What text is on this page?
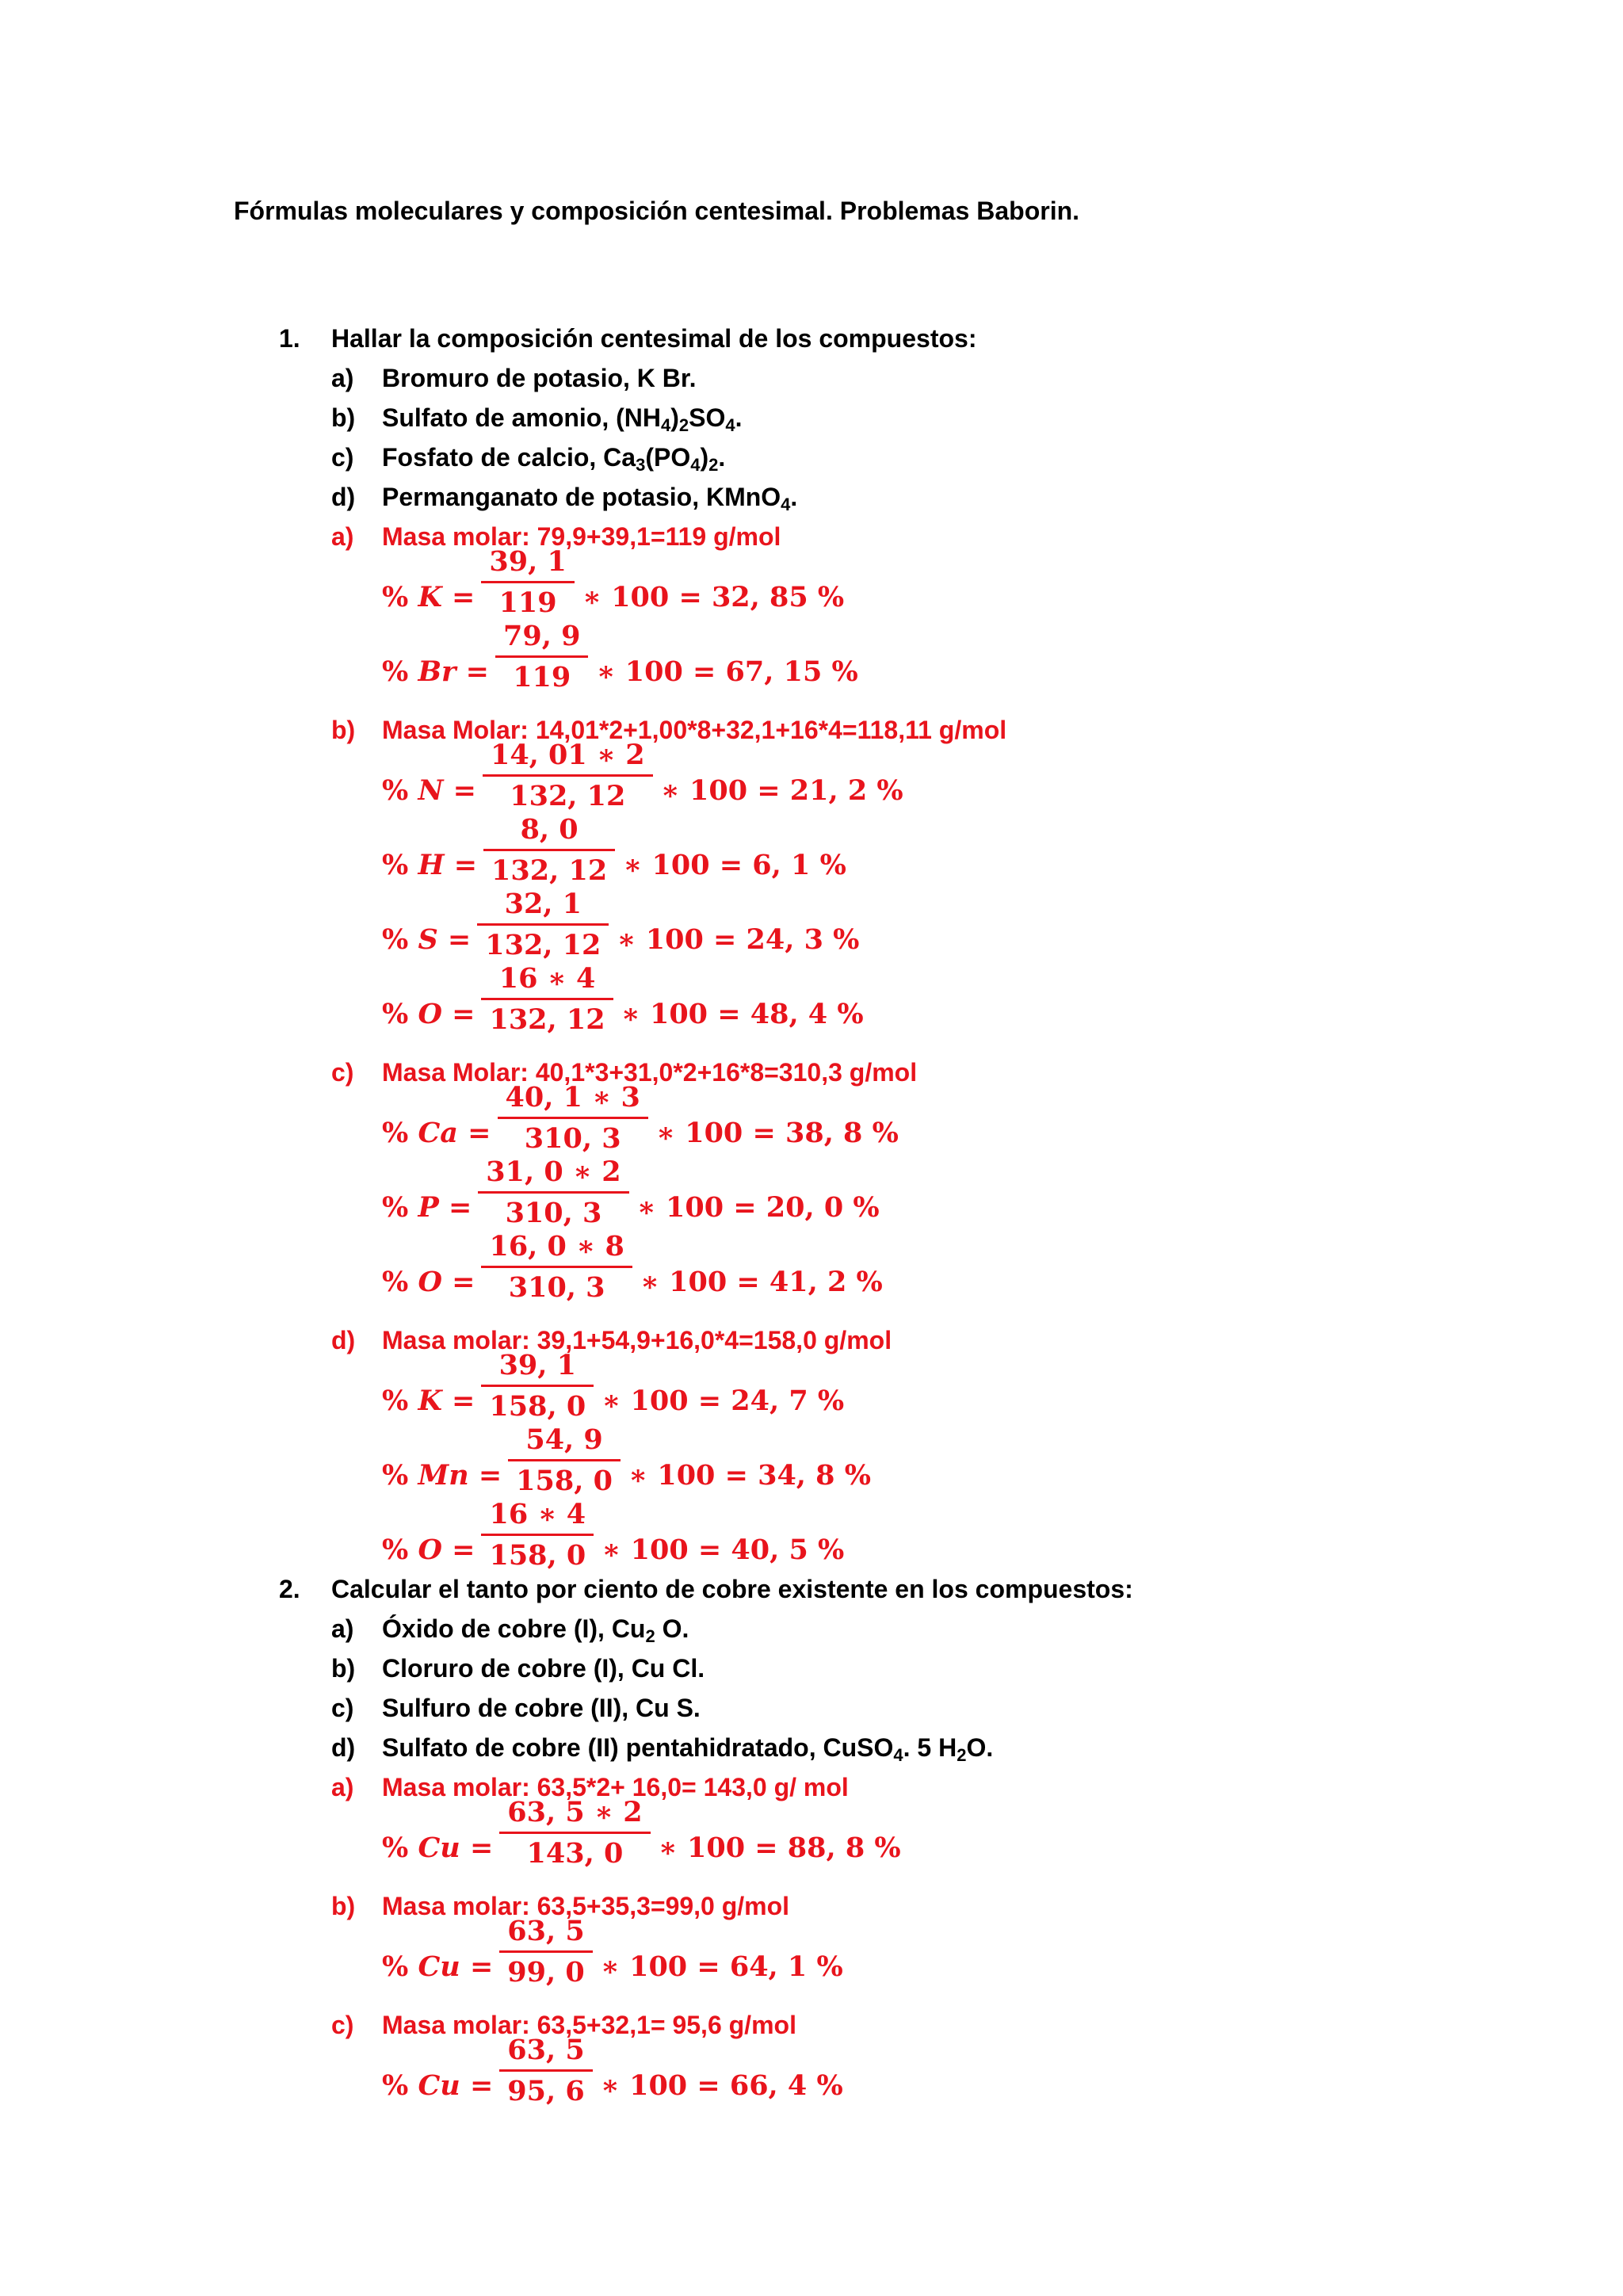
Fórmulas moleculares y composición centesimal. Problemas Baborin.
1. Hallar la composición centesimal de los compuestos:
a) Bromuro de potasio, K Br.
b) Sulfato de amonio, $(NH_4)_2SO_4$.
c) Fosfato de calcio, $Ca_3(PO_4)_2$.
d) Permanganato de potasio, KMnO$_4$.
a) Masa molar: 79,9+39,1=119 g/mol
% K =
39, 1
119 ∗ 100 = 32, 85 %
% Br =
79, 9
119 ∗ 100 = 67, 15 %
b) Masa Molar: 14,01*2+1,00*8+32,1+16*4=118,11 g/mol
% N =
14, 01 ∗ 2
132, 12	∗ 100 = 21, 2 %
% H =
8, 0
132, 12 ∗ 100 = 6, 1 %
% S =
32, 1
132, 12 ∗ 100 = 24, 3 %
% O =
16 ∗ 4
132, 12 ∗ 100 = 48, 4 %
c) Masa Molar: 40,1*3+31,0*2+16*8=310,3 g/mol
% Ca =
40, 1 ∗ 3
310, 3	∗ 100 = 38, 8 %
% P =
31, 0 ∗ 2
310, 3	∗ 100 = 20, 0 %
% O =
16, 0 ∗ 8
310, 3	∗ 100 = 41, 2 %
d) Masa molar: 39,1+54,9+16,0*4=158,0 g/mol
% K =
39, 1
158, 0 ∗ 100 = 24, 7 %
% Mn =
54, 9
158, 0 ∗ 100 = 34, 8 %
% O =
16 ∗ 4
158, 0 ∗ 100 = 40, 5 %
2. Calcular el tanto por ciento de cobre existente en los compuestos:
a) Óxido de cobre (I), $Cu_2$ O.
b) Cloruro de cobre (I), Cu Cl.
c) Sulfuro de cobre (II), Cu S.
d) Sulfato de cobre (II) pentahidratado, CuSO$_4$. 5 $H_2O$.
a) Masa molar: 63,5*2+ 16,0= 143,0 g/ mol
% Cu =
63, 5 ∗ 2
143, 0	∗ 100 = 88, 8 %
b) Masa molar: 63,5+35,3=99,0 g/mol
% Cu =
63, 5
99, 0 ∗ 100 = 64, 1 %
c) Masa molar: 63,5+32,1= 95,6 g/mol
% Cu =
63, 5
95, 6 ∗ 100 = 66, 4 %
